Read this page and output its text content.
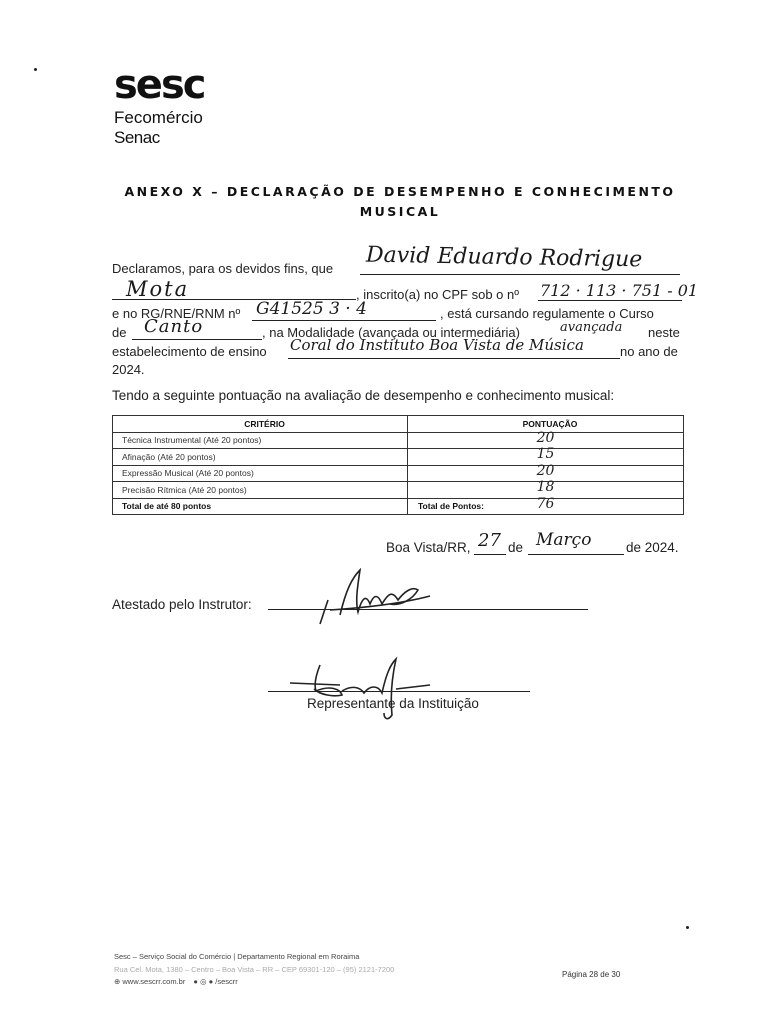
sesc
Fecomércio
Senac
ANEXO X – DECLARAÇÃO DE DESEMPENHO E CONHECIMENTO
MUSICAL
Declaramos, para os devidos fins, que David Eduardo Rodrigue
Mota	, inscrito(a) no CPF sob o nº 712 · 113 · 751 - 01
e no RG/RNE/RNM nº G41525 3 · 4	, está cursando regulamente o Curso
de Canto	, na Modalidade (avançada ou intermediária)	avançada neste
estabelecimento de ensino Coral do Instituto Boa Vista de Música	no ano de
2024.
Tendo a seguinte pontuação na avaliação de desempenho e conhecimento musical:
CRITÉRIO	PONTUAÇÃO
Técnica Instrumental (Até 20 pontos)	20

Afinação (Até 20 pontos)	15

Expressão Musical (Até 20 pontos)	20

Precisão Rítmica (Até 20 pontos)	18

Total de até 80 pontos	Total de Pontos: 76
Boa Vista/RR, 27 de Março	de 2024.
Atestado pelo Instrutor:
Representante da Instituição
Sesc – Serviço Social do Comércio | Departamento Regional em Roraima
Rua Cel. Mota, 1380 – Centro – Boa Vista – RR – CEP 69301-120 – (95) 2121-7200
⊕ www.sescrr.com.br ● ◎ ● /sescrr
Página 28 de 30
